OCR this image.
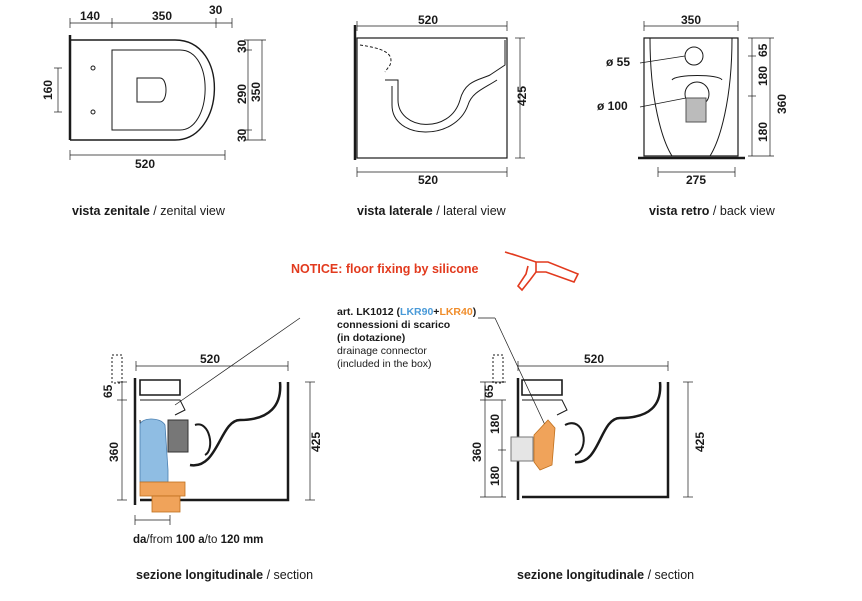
140	350	30
160
30
290
30
350
520
520
425
520
350
ø 55
ø 100
65
180
180
360
275
520
65
360	425
520
65
180
360
180
425
vista zenitale / zenital view	vista laterale / lateral view	vista retro / back view
sezione longitudinale / section	sezione longitudinale / section
NOTICE: floor fixing by silicone
art. LK1012 (LKR90+LKR40)
connessioni di scarico
(in dotazione)
drainage connector
(included in the box)
da/from 100 a/to 120 mm
